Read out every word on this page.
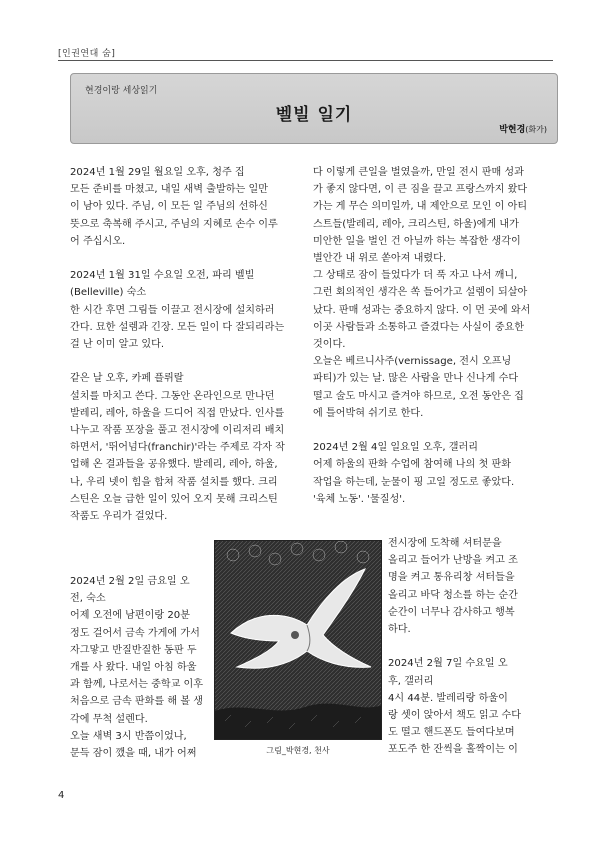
[인권연대 숨]
현경이랑 세상읽기
벨빌 일기
박현경(화가)

2024년 1월 29일 월요일 오후, 청주 집

모든 준비를 마쳤고, 내일 새벽 출발하는 일만

이 남아 있다. 주님, 이 모든 일 주님의 선하신

뜻으로 축복해 주시고, 주님의 지혜로 손수 이루

어 주십시오.

2024년 1월 31일 수요일 오전, 파리 벨빌

(Belleville) 숙소

한 시간 후면 그림들 이끌고 전시장에 설치하러

간다. 묘한 설렘과 긴장. 모든 일이 다 잘되리라는

걸 난 이미 알고 있다.

같은 날 오후, 카페 플뤼랄

설치를 마치고 쓴다. 그동안 온라인으로 만나던

발레리, 레아, 하울을 드디어 직접 만났다. 인사를

나누고 작품 포장을 풀고 전시장에 이리저리 배치

하면서, '뛰어넘다(franchir)'라는 주제로 각자 작

업해 온 결과들을 공유했다. 발레리, 레아, 하울,

나, 우리 넷이 힘을 합쳐 작품 설치를 했다. 크리

스틴은 오늘 급한 일이 있어 오지 못해 크리스틴

작품도 우리가 걸었다.

2024년 2월 2일 금요일 오

전, 숙소

어제 오전에 남편이랑 20분

정도 걸어서 금속 가게에 가서

자그맣고 반질반질한 동판 두

개를 사 왔다. 내일 아침 하울

과 함께, 나로서는 중학교 이후

처음으로 금속 판화를 해 볼 생

각에 무척 설렌다.

오늘 새벽 3시 반쯤이었나,

문득 잠이 깼을 때, 내가 어쩌

다 이렇게 큰일을 벌였을까, 만일 전시 판매 성과

가 좋지 않다면, 이 큰 짐을 끌고 프랑스까지 왔다

가는 게 무슨 의미일까, 내 제안으로 모인 이 아티

스트들(발레리, 레아, 크리스틴, 하울)에게 내가

미안한 일을 벌인 건 아닐까 하는 복잡한 생각이

별안간 내 위로 쏟아져 내렸다.

그 상태로 잠이 들었다가 더 푹 자고 나서 깨니,

그런 회의적인 생각은 쏙 들어가고 설렘이 되살아

났다. 판매 성과는 중요하지 않다. 이 먼 곳에 와서

이곳 사람들과 소통하고 즐겼다는 사실이 중요한

것이다.

오늘은 베르니사주(vernissage, 전시 오프닝

파티)가 있는 날. 많은 사람을 만나 신나게 수다

떨고 술도 마시고 즐겨야 하므로, 오전 동안은 집

에 틀어박혀 쉬기로 한다.

2024년 2월 4일 일요일 오후, 갤러리

어제 하울의 판화 수업에 참여해 나의 첫 판화

작업을 하는데, 눈물이 핑 고일 정도로 좋았다.

'육체 노동'. '물질성'.

전시장에 도착해 셔터문을

올리고 들어가 난방을 켜고 조

명을 켜고 통유리창 셔터들을

올리고 바닥 청소를 하는 순간

순간이 너무나 감사하고 행복

하다.

2024년 2월 7일 수요일 오

후, 갤러리

4시 44분. 발레리랑 하울이

랑 셋이 앉아서 책도 읽고 수다

도 떨고 핸드폰도 들여다보며

포도주 한 잔씩을 홀짝이는 이

그림_박현경, 천사
4
